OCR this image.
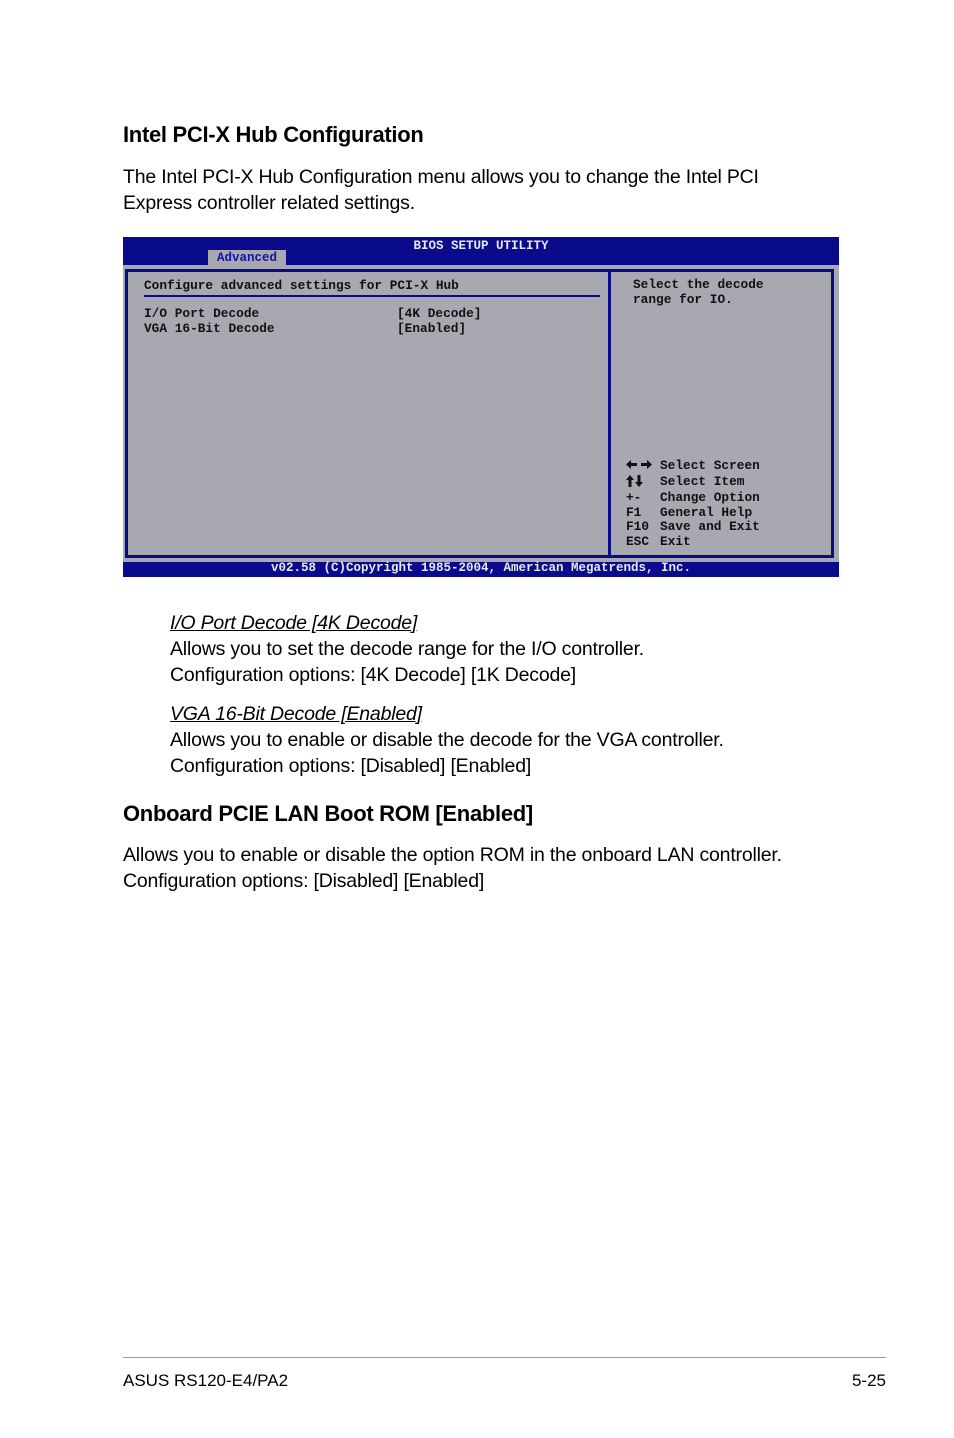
Intel PCI-X Hub Configuration
The Intel PCI-X Hub Configuration menu allows you to change the Intel PCI
Express controller related settings.
BIOS SETUP UTILITY
Advanced
Configure advanced settings for PCI-X Hub
I/O Port Decode	[4K Decode]
VGA 16-Bit Decode	[Enabled]
Select the decode
range for IO.
Select Screen
Select Item
+-	Change Option
F1	General Help
F10 Save and Exit
ESC Exit
v02.58 (C)Copyright 1985-2004, American Megatrends, Inc.
I/O Port Decode [4K Decode]
Allows you to set the decode range for the I/O controller.
Configuration options: [4K Decode] [1K Decode]
VGA 16-Bit Decode [Enabled]
Allows you to enable or disable the decode for the VGA controller.
Configuration options: [Disabled] [Enabled]
Onboard PCIE LAN Boot ROM [Enabled]
Allows you to enable or disable the option ROM in the onboard LAN controller.
Configuration options: [Disabled] [Enabled]
ASUS RS120-E4/PA2	5-25
